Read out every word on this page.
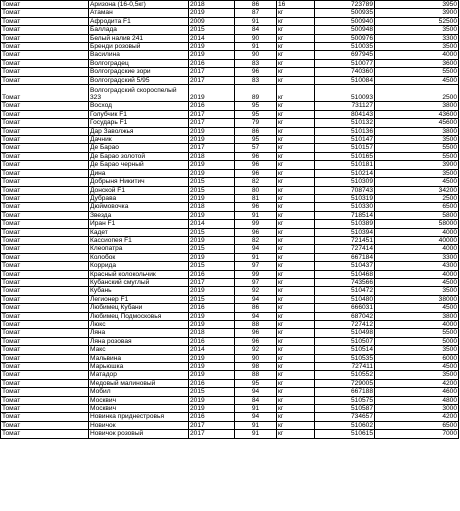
Томат	Аризона (16-0,5кг)	2018	86	16	723789	3950
Томат	Атаман	2019	87	кг	500935	3900
Томат	Афродита F1	2009	91	кг	500940	52500
Томат	Баллада	2015	84	кг	500948	3500
Томат	Белый налив 241	2014	90	кг	500976	3300
Томат	Бренди розовый	2019	91	кг	510035	3500
Томат	Василина	2019	90	кг	697945	4000
Томат	Волгоградец	2016	83	кг	510077	3600
Томат	Волгоградские зори	2017	96	кг	740360	5500
Томат	Волгоградский 5/95	2017	83	кг	510084	4500
Томат	Волгоградский скороспелый 323	2019	89	кг	510093	2500
Томат	Восход	2016	95	кг	731127	3800
Томат	Голубчик F1	2017	95	кг	804143	43600
Томат	Государь F1	2017	79	кг	510132	45600
Томат	Дар Заволжья	2019	86	кг	510136	3800
Томат	Дачник	2019	95	кг	510147	3500
Томат	Де Барао	2017	57	кг	510157	5500
Томат	Де Барао золотой	2018	96	кг	510165	5500
Томат	Де Барао черный	2019	96	кг	510181	3900
Томат	Дина	2019	96	кг	510214	3500
Томат	Добрыня Никитич	2015	82	кг	510309	4500
Томат	Донской F1	2015	80	кг	708743	34200
Томат	Дубрава	2019	81	кг	510319	2500
Томат	Дюймовочка	2018	96	кг	510330	6500
Томат	Звезда	2019	91	кг	718514	5800
Томат	Иран F1	2014	99	кг	510389	58000
Томат	Кадет	2015	96	кг	510394	4000
Томат	Кассиопея F1	2019	82	кг	721451	40000
Томат	Клеопатра	2015	94	кг	727414	4000
Томат	Колобок	2019	91	кг	667184	3300
Томат	Коррида	2015	97	кг	510437	4300
Томат	Красный колокольчик	2016	99	кг	510468	4000
Томат	Кубанский смуглый	2017	97	кг	743566	4500
Томат	Кубань	2019	92	кг	510472	3500
Томат	Легионер F1	2015	94	кг	510480	38000
Томат	Любимец Кубани	2016	86	кг	666031	4500
Томат	Любимец Подмосковья	2019	94	кг	687042	3800
Томат	Люкс	2019	88	кг	727412	4000
Томат	Ляна	2018	96	кг	510498	5500
Томат	Ляна розовая	2016	96	кг	510507	5000
Томат	Макс	2014	92	кг	510514	3500
Томат	Мальвина	2019	90	кг	510535	6000
Томат	Марьюшка	2019	98	кг	727411	4500
Томат	Матадор	2019	88	кг	510552	3500
Томат	Медовый малиновый	2016	95	кг	729005	4200
Томат	Мобил	2015	94	кг	667188	4600
Томат	Москвич	2019	84	кг	510575	4800
Томат	Москвич	2019	91	кг	510587	3000
Томат	Новинка приднестровья	2016	94	кг	734657	4200
Томат	Новичок	2017	91	кг	510602	6500
Томат	Новичок розовый	2017	91	кг	510615	7000
